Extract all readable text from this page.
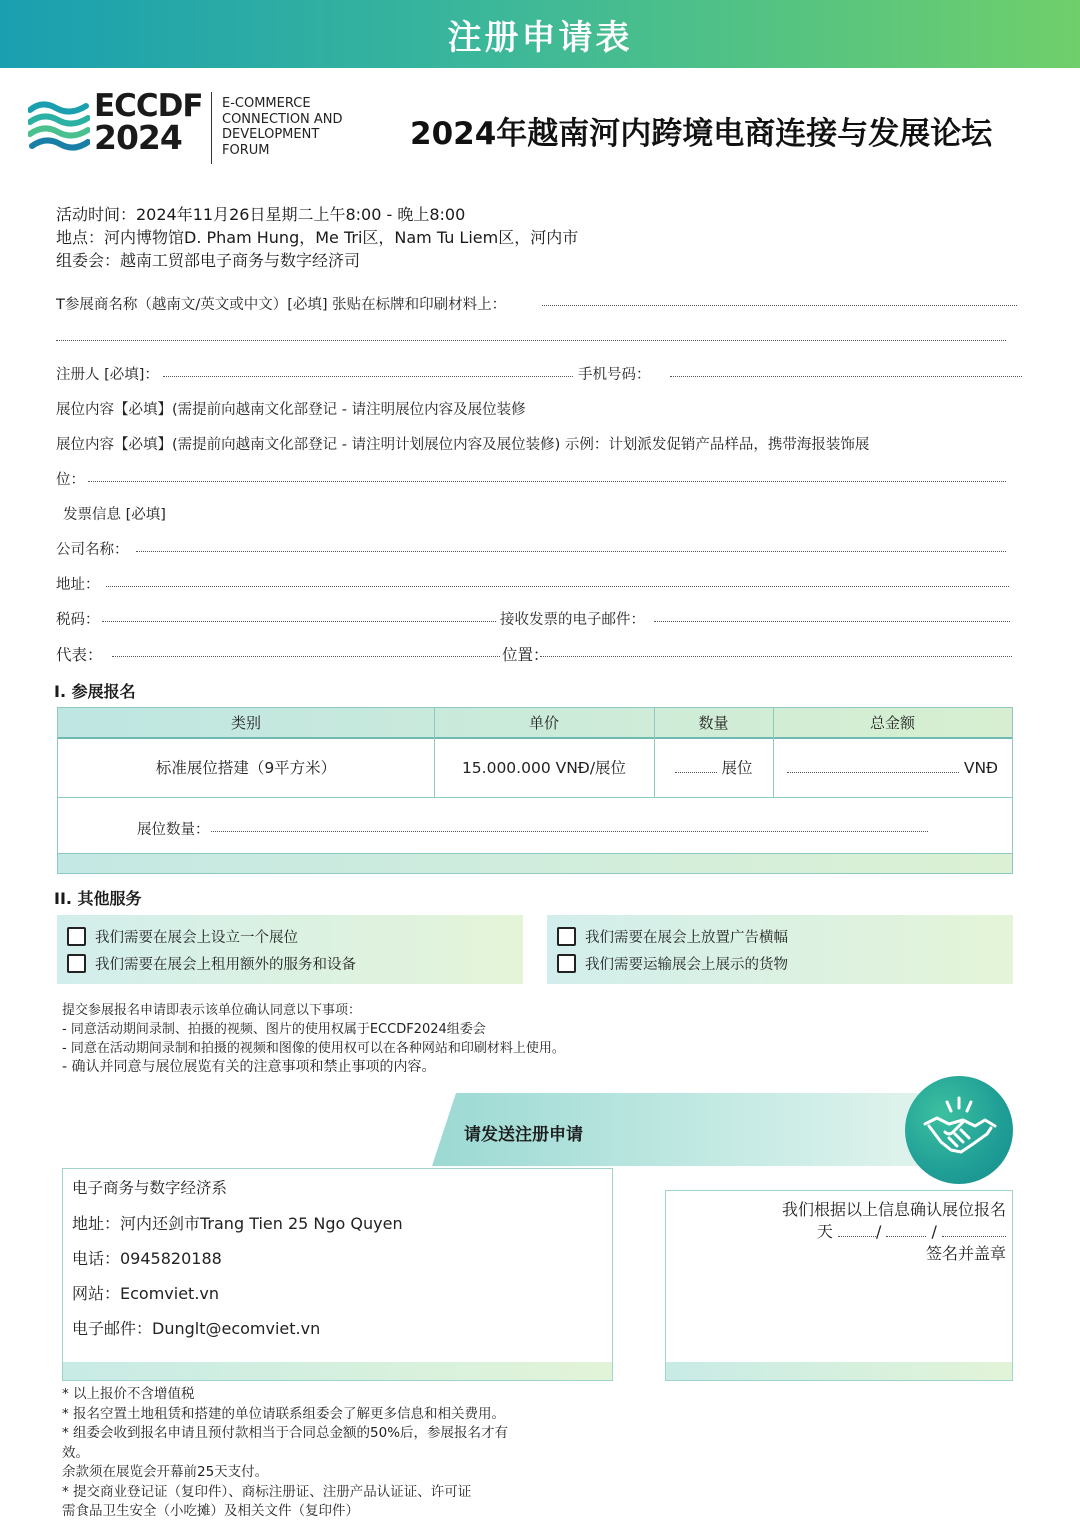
注册申请表
ECCDF
2024
E-COMMERCE
CONNECTION AND
DEVELOPMENT
FORUM	2024年越南河内跨境电商连接与发展论坛
活动时间：2024年11月26日星期二上午8:00 - 晚上8:00
地点：河内博物馆D. Pham Hung，Me Tri区，Nam Tu Liem区，河内市
组委会：越南工贸部电子商务与数字经济司
T参展商名称（越南文/英文或中文）[必填] 张贴在标牌和印刷材料上：
注册人 [必填]：	手机号码：
展位内容【必填】(需提前向越南文化部登记 - 请注明展位内容及展位装修
展位内容【必填】(需提前向越南文化部登记 - 请注明计划展位内容及展位装修) 示例：计划派发促销产品样品，携带海报装饰展
位：
发票信息 [必填]
公司名称：
地址：
税码：	接收发票的电子邮件：
代表：	位置：
I. 参展报名
类别	单价	数量	总金额
标准展位搭建（9平方米）	15.000.000 VNĐ/展位	展位	VNĐ
展位数量：
II. 其他服务
我们需要在展会上设立一个展位
我们需要在展会上租用额外的服务和设备
我们需要在展会上放置广告横幅
我们需要运输展会上展示的货物
提交参展报名申请即表示该单位确认同意以下事项：
- 同意活动期间录制、拍摄的视频、图片的使用权属于ECCDF2024组委会
- 同意在活动期间录制和拍摄的视频和图像的使用权可以在各种网站和印刷材料上使用。
- 确认并同意与展位展览有关的注意事项和禁止事项的内容。
请发送注册申请
电子商务与数字经济系
地址：河内还剑市Trang Tien 25 Ngo Quyen
电话：0945820188
网站：Ecomviet.vn
电子邮件：Dunglt@ecomviet.vn
我们根据以上信息确认展位报名
天	/	/
签名并盖章
* 以上报价不含增值税
* 报名空置土地租赁和搭建的单位请联系组委会了解更多信息和相关费用。
* 组委会收到报名申请且预付款相当于合同总金额的50%后，参展报名才有
效。
余款须在展览会开幕前25天支付。
* 提交商业登记证（复印件）、商标注册证、注册产品认证证、许可证
需食品卫生安全（小吃摊）及相关文件（复印件）
